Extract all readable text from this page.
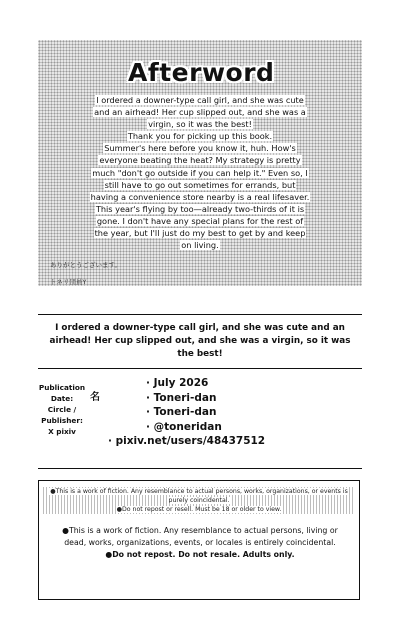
Afterword
I ordered a downer-type call girl, and she was cute
and an airhead! Her cup slipped out, and she was a
virgin, so it was the best!
Thank you for picking up this book.
Summer's here before you know it, huh. How's
everyone beating the heat? My strategy is pretty
much "don't go outside if you can help it." Even so, I
still have to go out sometimes for errands, but
having a convenience store nearby is a real lifesaver.
This year's flying by too—already two-thirds of it is
gone. I don't have any special plans for the rest of
the year, but I'll just do my best to get by and keep
on living.
ありがとうございます。
トネリ団員Y
I ordered a downer-type call girl, and she was cute and an
airhead! Her cup slipped out, and she was a virgin, so it was
the best!
Publication
Date:
Circle /
Publisher:
X pixiv
名
· July 2026
· Toneri-dan
· Toneri-dan
· @toneridan
· pixiv.net/users/48437512
●This is a work of fiction. Any resemblance to actual persons, works, organizations, or events is
purely coincidental.
●Do not repost or resell. Must be 18 or older to view.
●This is a work of fiction. Any resemblance to actual persons, living or
dead, works, organizations, events, or locales is entirely coincidental.
●Do not repost. Do not resale. Adults only.
